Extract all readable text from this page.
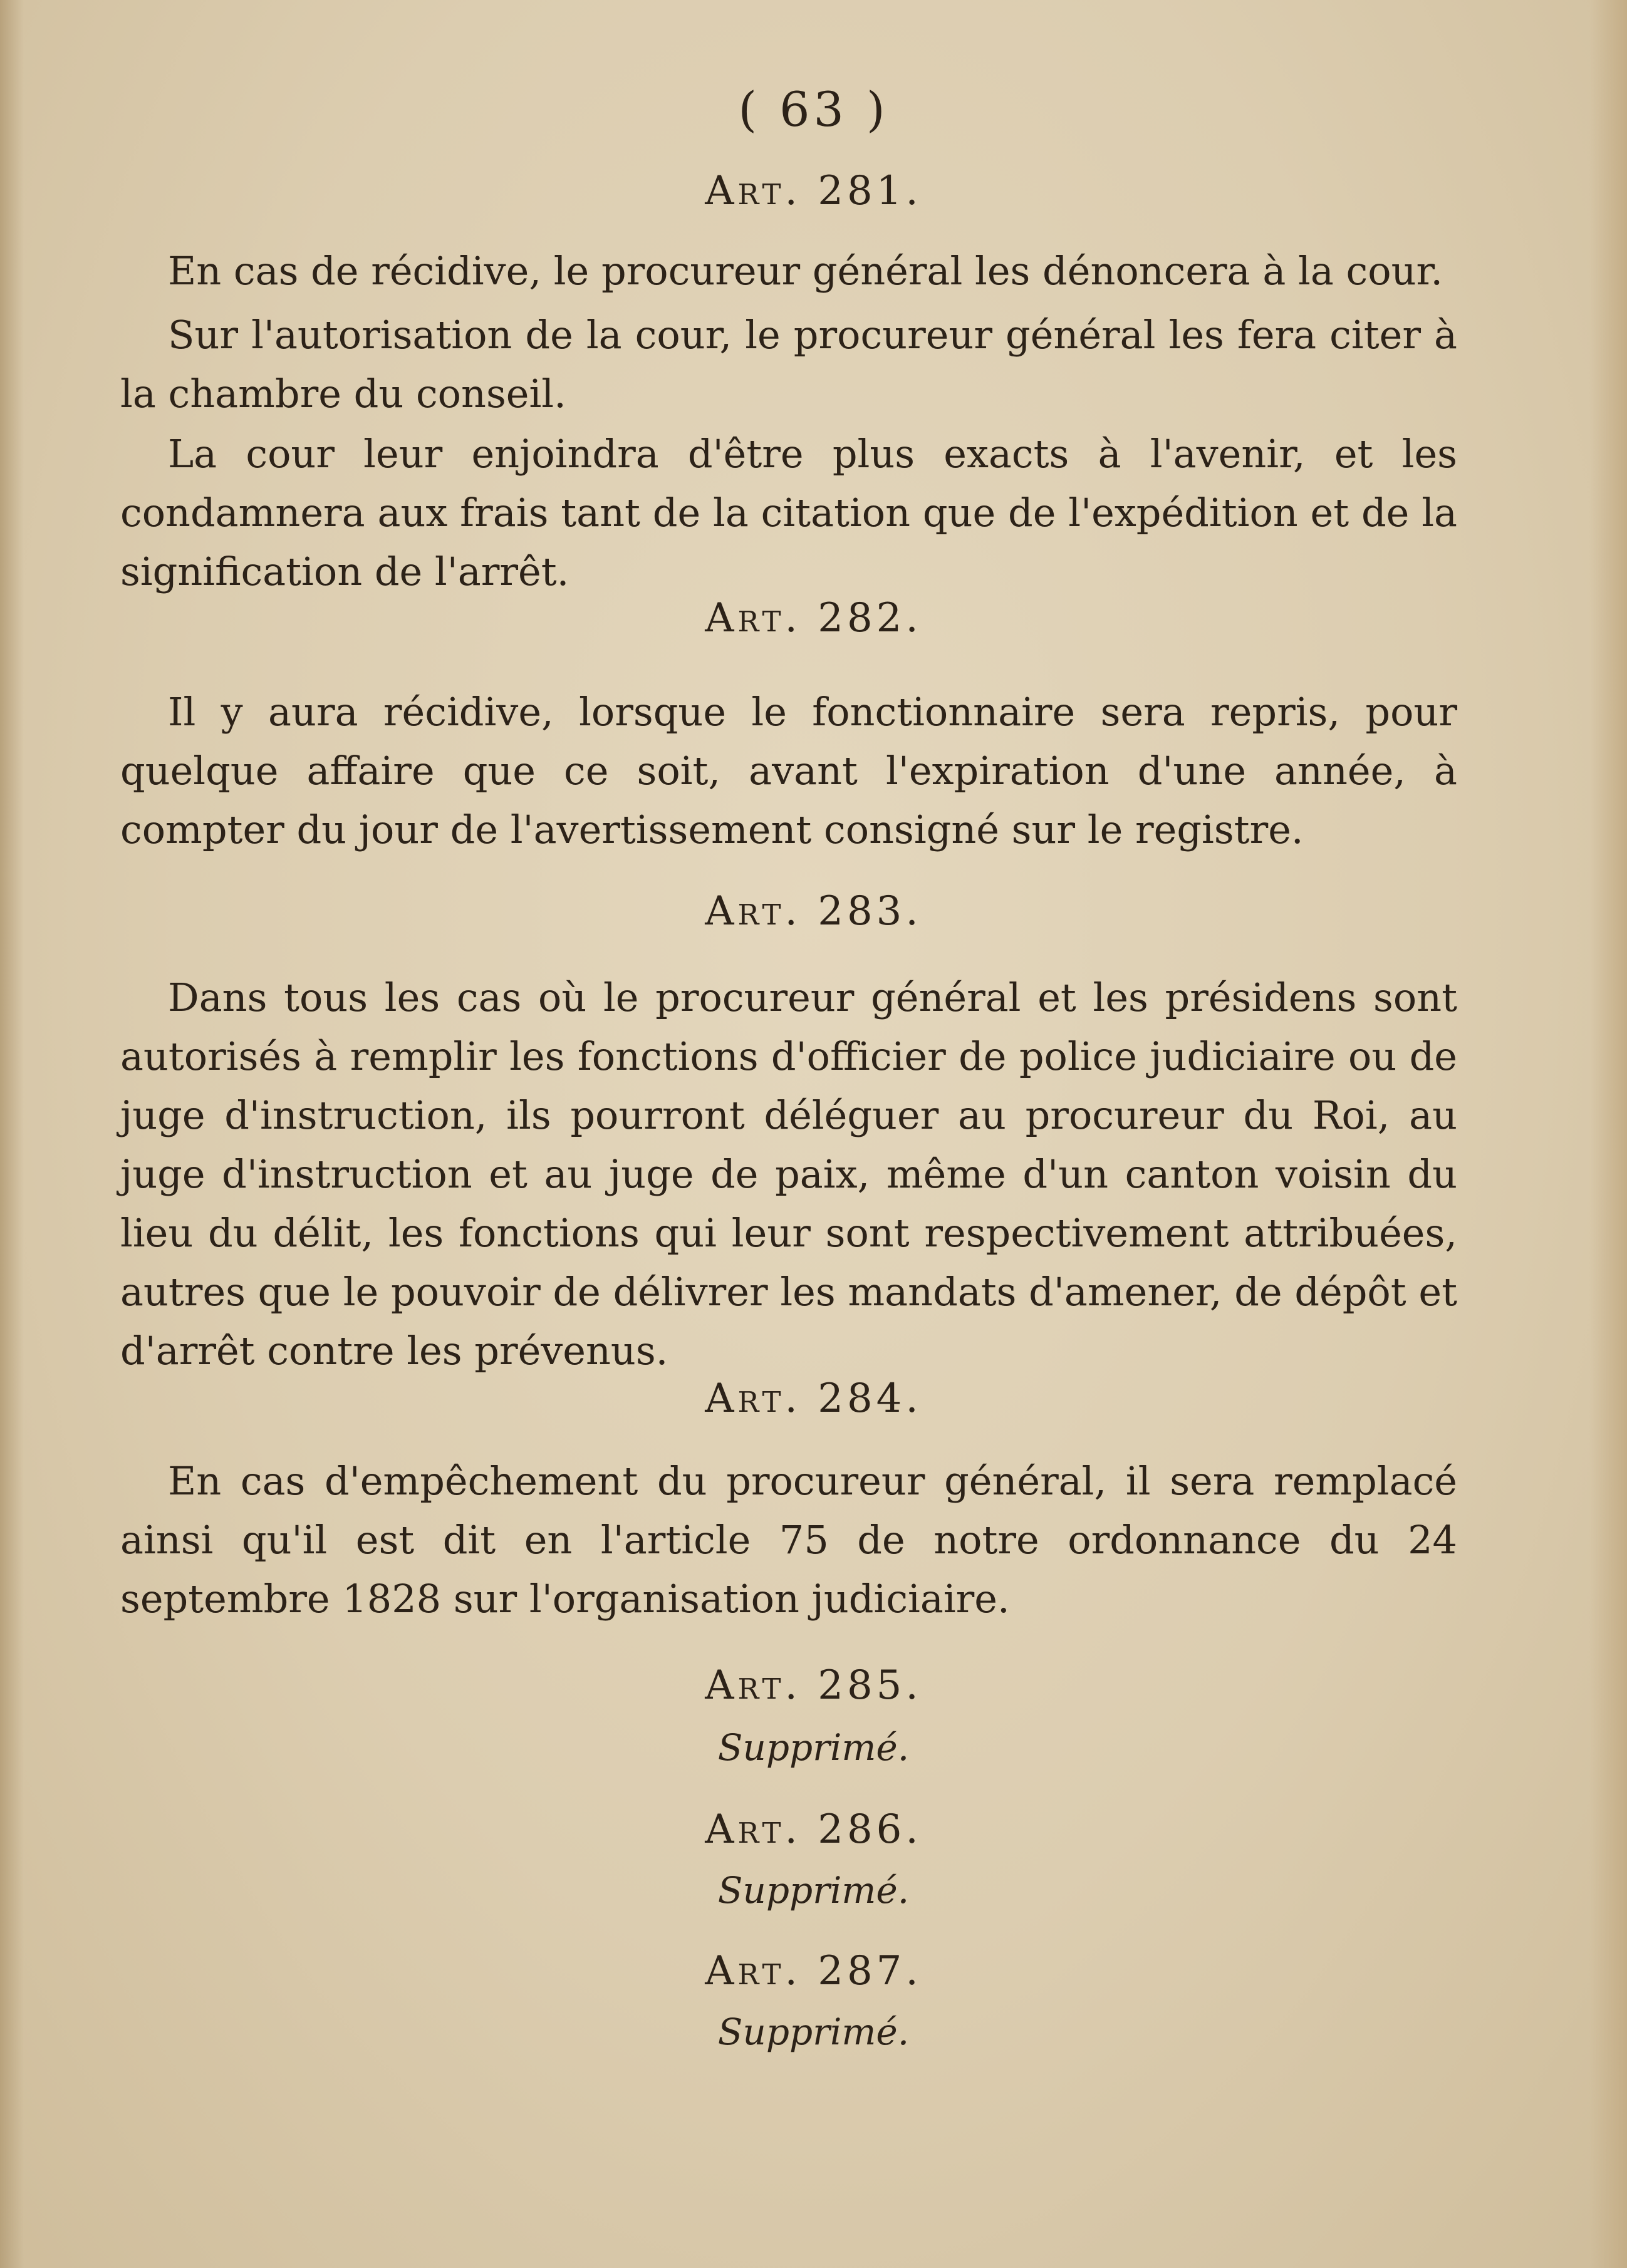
( 63 )
Art. 281.

En cas de récidive, le procureur général les dénoncera à la cour.

Sur l'autorisation de la cour, le procureur général les fera citer à la chambre du conseil.

La cour leur enjoindra d'être plus exacts à l'avenir, et les condamnera aux frais tant de la citation que de l'expédition et de la signification de l'arrêt.

Art. 282.

Il y aura récidive, lorsque le fonctionnaire sera repris, pour quelque affaire que ce soit, avant l'expiration d'une année, à compter du jour de l'avertissement consigné sur le registre.

Art. 283.

Dans tous les cas où le procureur général et les présidens sont autorisés à remplir les fonctions d'officier de police judiciaire ou de juge d'instruction, ils pourront déléguer au procureur du Roi, au juge d'instruction et au juge de paix, même d'un canton voisin du lieu du délit, les fonctions qui leur sont respectivement attribuées, autres que le pouvoir de délivrer les mandats d'amener, de dépôt et d'arrêt contre les prévenus.

Art. 284.

En cas d'empêchement du procureur général, il sera remplacé ainsi qu'il est dit en l'article 75 de notre ordonnance du 24 septembre 1828 sur l'organisation judiciaire.

Art. 285.
Supprimé.
Art. 286.
Supprimé.
Art. 287.
Supprimé.
